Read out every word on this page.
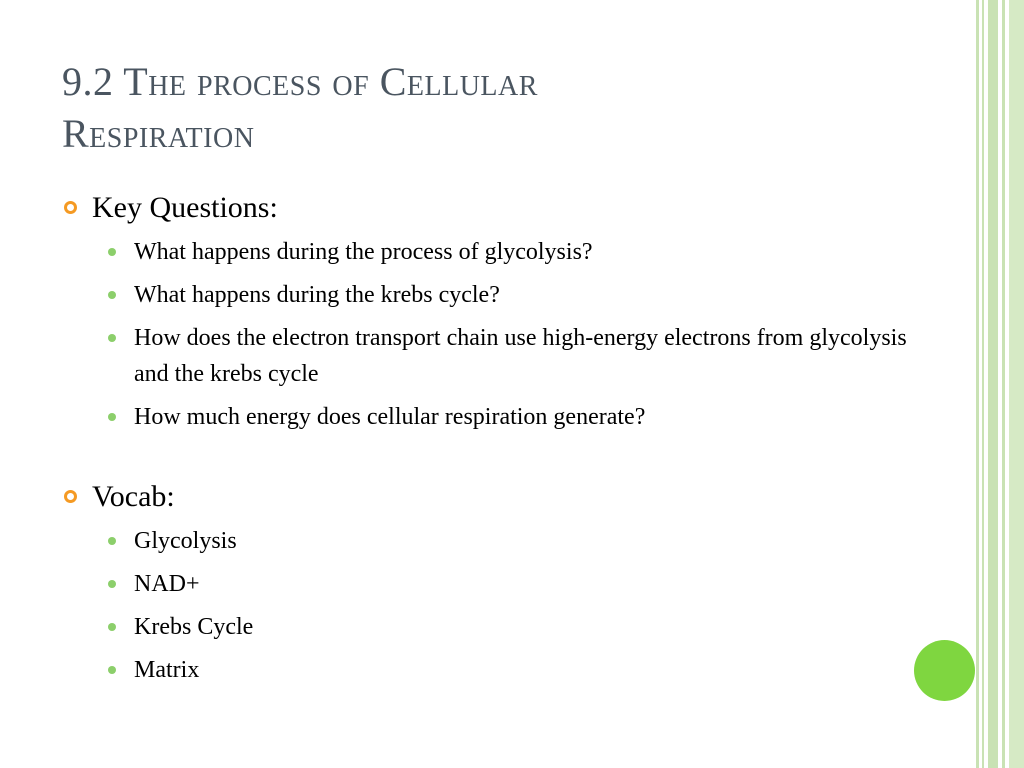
9.2 The process of Cellular
Respiration
Key Questions:
What happens during the process of glycolysis?
What happens during the krebs cycle?
How does the electron transport chain use high-energy electrons from glycolysis and the krebs cycle
How much energy does cellular respiration generate?
Vocab:
Glycolysis
NAD+
Krebs Cycle
Matrix
